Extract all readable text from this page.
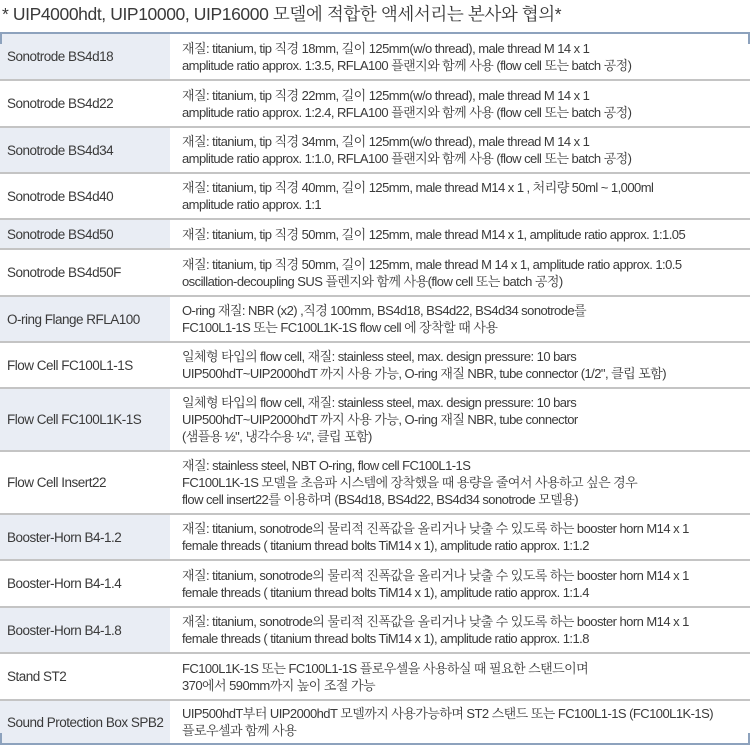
* UIP4000hdt, UIP10000, UIP16000 모델에 적합한 액세서리는 본사와 협의*
Sonotrode BS4d18
재질: titanium, tip 직경 18mm, 길이 125mm(w/o thread), male thread M 14 x 1
amplitude ratio approx. 1:3.5, RFLA100 플랜지와 함께 사용 (flow cell 또는 batch 공정)
Sonotrode BS4d22
재질: titanium, tip 직경 22mm, 길이 125mm(w/o thread), male thread M 14 x 1
amplitude ratio approx. 1:2.4, RFLA100 플랜지와 함께 사용 (flow cell 또는 batch 공정)
Sonotrode BS4d34
재질: titanium, tip 직경 34mm, 길이 125mm(w/o thread), male thread M 14 x 1
amplitude ratio approx. 1:1.0, RFLA100 플랜지와 함께 사용 (flow cell 또는 batch 공정)
Sonotrode BS4d40
재질: titanium, tip 직경 40mm, 길이 125mm, male thread M14 x 1 , 처리량 50ml ~ 1,000ml
amplitude ratio approx. 1:1
Sonotrode BS4d50	재질: titanium, tip 직경 50mm, 길이 125mm, male thread M14 x 1, amplitude ratio approx. 1:1.05
Sonotrode BS4d50F
재질: titanium, tip 직경 50mm, 길이 125mm, male thread M 14 x 1, amplitude ratio approx. 1:0.5
oscillation-decoupling SUS 플렌지와 함께 사용(flow cell 또는 batch 공정)
O-ring Flange RFLA100
O-ring 재질: NBR (x2) ,직경 100mm, BS4d18, BS4d22, BS4d34 sonotrode를
FC100L1-1S 또는 FC100L1K-1S flow cell 에 장착할 때 사용
Flow Cell FC100L1-1S
일체형 타입의 flow cell, 재질: stainless steel, max. design pressure: 10 bars
UIP500hdT~UIP2000hdT 까지 사용 가능, O-ring 재질 NBR, tube connector (1/2", 클립 포함)
Flow Cell FC100L1K-1S
일체형 타입의 flow cell, 재질: stainless steel, max. design pressure: 10 bars
UIP500hdT~UIP2000hdT 까지 사용 가능, O-ring 재질 NBR, tube connector
(샘플용 ½", 냉각수용 ¼", 클립 포함)
Flow Cell Insert22
재질: stainless steel, NBT O-ring, flow cell FC100L1-1S
FC100L1K-1S 모델을 초음파 시스템에 장착했을 때 용량을 줄여서 사용하고 싶은 경우
flow cell insert22를 이용하며 (BS4d18, BS4d22, BS4d34 sonotrode 모델용)
Booster-Horn B4-1.2
재질: titanium, sonotrode의 물리적 진폭값을 올리거나 낮출 수 있도록 하는 booster horn M14 x 1
female threads ( titanium thread bolts TiM14 x 1), amplitude ratio approx. 1:1.2
Booster-Horn B4-1.4
재질: titanium, sonotrode의 물리적 진폭값을 올리거나 낮출 수 있도록 하는 booster horn M14 x 1
female threads ( titanium thread bolts TiM14 x 1), amplitude ratio approx. 1:1.4
Booster-Horn B4-1.8
재질: titanium, sonotrode의 물리적 진폭값을 올리거나 낮출 수 있도록 하는 booster horn M14 x 1
female threads ( titanium thread bolts TiM14 x 1), amplitude ratio approx. 1:1.8
Stand ST2
FC100L1K-1S 또는 FC100L1-1S 플로우셀을 사용하실 때 필요한 스탠드이며
370에서 590mm까지 높이 조절 가능
Sound Protection Box SPB2
UIP500hdT부터 UIP2000hdT 모델까지 사용가능하며 ST2 스탠드 또는 FC100L1-1S (FC100L1K-1S)
플로우셀과 함께 사용
